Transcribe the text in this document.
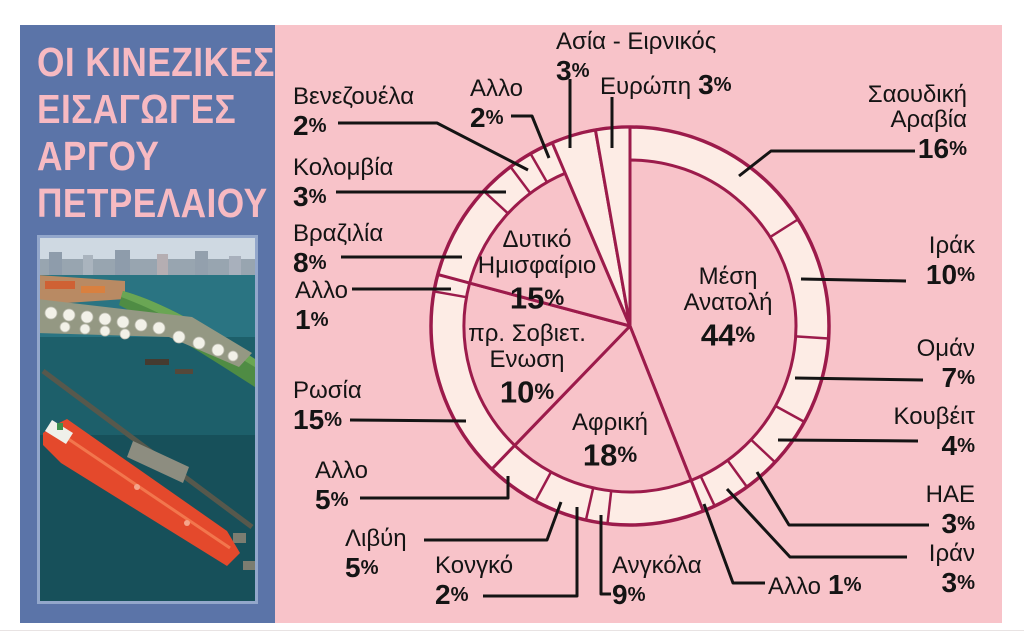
ΟΙ ΚΙΝΕΖΙΚΕΣ
ΕΙΣΑΓΩΓΕΣ
ΑΡΓΟΥ
ΠΕΤΡΕΛΑΙΟΥ
Βενεζουέλα
2%
Κολομβία
3%
Βραζιλία
8%
Αλλο
1%
Ρωσία
15%
Αλλο
5%
Λιβύη
5%	Κονγκό
2%
Ανγκόλα
9%
Αλλο
2%
Ασία - Ειρνικός
3%
Ευρώπη 3%	Σαουδική
Αραβία
16%
Ιράκ
10%
Ομάν
7%
Κουβέιτ
4%
ΗΑΕ
3%
Ιράν
3%
Αλλο 1%
Μέση
Ανατολή
44%
Αφρική
18%
πρ. Σοβιετ.
Ενωση
10%
Δυτικό
Ημισφαίριο
15%
